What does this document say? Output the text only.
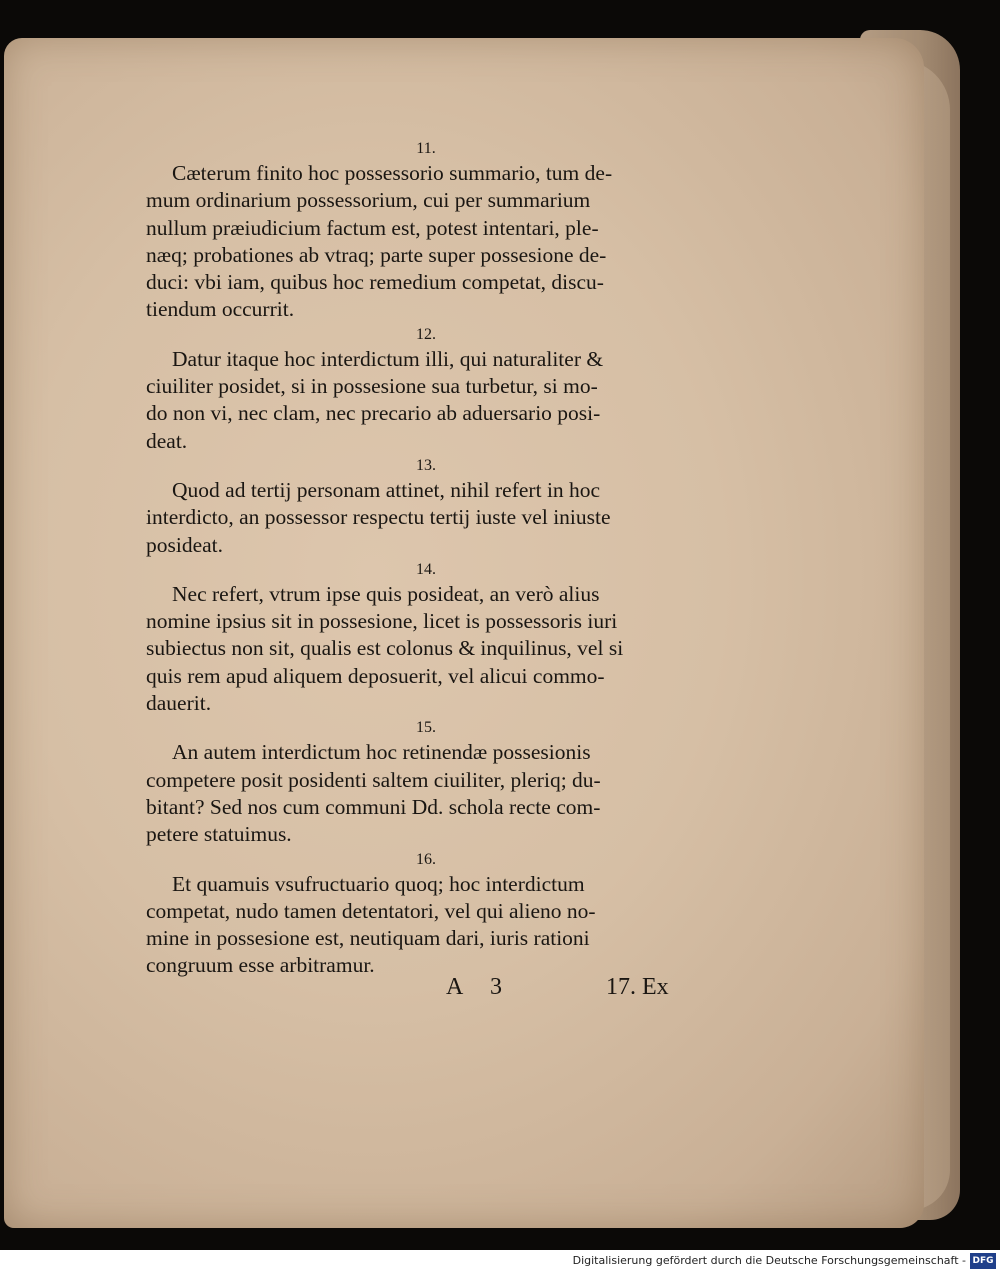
11.
Cæterum finito hoc possessorio summario, tum de-
mum ordinarium possessorium, cui per summarium
nullum præiudicium factum est, potest intentari, ple-
næq; probationes ab vtraq; parte super possesione de-
duci: vbi iam, quibus hoc remedium competat, discu-
tiendum occurrit.
12.
Datur itaque hoc interdictum illi, qui naturaliter &
ciuiliter posidet, si in possesione sua turbetur, si mo-
do non vi, nec clam, nec precario ab aduersario posi-
deat.
13.
Quod ad tertij personam attinet, nihil refert in hoc
interdicto, an possessor respectu tertij iuste vel iniuste
posideat.
14.
Nec refert, vtrum ipse quis posideat, an verò alius
nomine ipsius sit in possesione, licet is possessoris iuri
subiectus non sit, qualis est colonus & inquilinus, vel si
quis rem apud aliquem deposuerit, vel alicui commo-
dauerit.
15.
An autem interdictum hoc retinendæ possesionis
competere posit posidenti saltem ciuiliter, pleriq; du-
bitant? Sed nos cum communi Dd. schola recte com-
petere statuimus.
16.
Et quamuis vsufructuario quoq; hoc interdictum
competat, nudo tamen detentatori, vel qui alieno no-
mine in possesione est, neutiquam dari, iuris rationi
congruum esse arbitramur.
A 3	17. Ex
Digitalisierung gefördert durch die Deutsche Forschungsgemeinschaft - DFG
